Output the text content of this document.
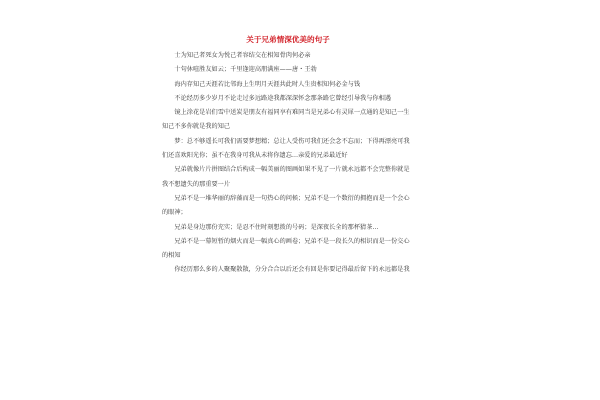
关于兄弟情深优美的句子

士为知己者死女为悦己者容结交在相知骨肉何必亲

十句休喧胜友如云；千里逢迎高朋满座——唐・王勃

海内存知己天涯若比邻海上生明月天涯共此时人生贵相知何必金与钱

不论经历多少岁月不论走过多远路途我都深深怀念那条路它曾经引导我与你相遇

镜上涂花是岩们雪中送炭是朋友有福同享有难同当是兄弟心有灵犀一点通的是知己一生知己不多你就是我的知己

梦：总不够遥长可我们需要梦想精；总让人受伤可我们还会念不忘而；下得再漂亮可我们还喜欢阳光你；虽不在我身可我从未将你遗忘…亲爱的兄弟最近好

兄弟就像片片拼图结合后构成一幅美丽的图画如果不见了一片就永远都不会完整你就是我不想遗失的那重要一片

兄弟不是一堆华丽的辞藻而是一句热心的问候；兄弟不是一个数衍的拥抱而是一个会心的眼神；

兄弟是身边那份充实；是忍不住时刻想拨的号码；是深夜长全的那杯猜茶…

兄弟不是一幕短暂的烟火而是一幅真心的画卷；兄弟不是一段长久的相识而是一份交心的相知

你经历那么多的人聚聚散散，分分合合以后还会有回是你要记得最后留下的永远都是我
